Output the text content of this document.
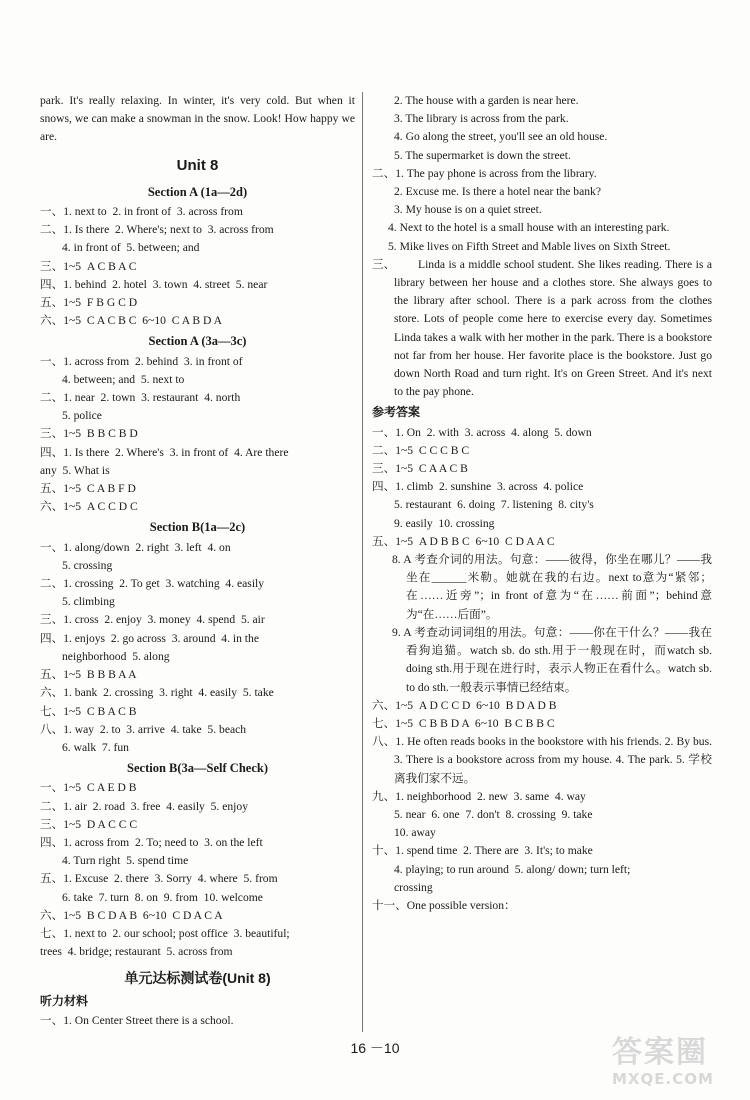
park. It's really relaxing. In winter, it's very cold. But when it snows, we can make a snowman in the snow. Look! How happy we are.

Unit 8
Section A (1a—2d)
一、1. next to  2. in front of  3. across from
二、1. Is there  2. Where's; next to  3. across from
4. in front of  5. between; and
三、1~5  A C B A C
四、1. behind  2. hotel  3. town  4. street  5. near
五、1~5  F B G C D
六、1~5  C A C B C  6~10  C A B D A
Section A (3a—3c)
一、1. across from  2. behind  3. in front of
4. between; and  5. next to
二、1. near  2. town  3. restaurant  4. north
5. police
三、1~5  B B C B D
四、1. Is there  2. Where's  3. in front of  4. Are there
any  5. What is
五、1~5  C A B F D
六、1~5  A C C D C
Section B(1a—2c)
一、1. along/down  2. right  3. left  4. on
5. crossing
二、1. crossing  2. To get  3. watching  4. easily
5. climbing
三、1. cross  2. enjoy  3. money  4. spend  5. air
四、1. enjoys  2. go across  3. around  4. in the
neighborhood  5. along
五、1~5  B B B A A
六、1. bank  2. crossing  3. right  4. easily  5. take
七、1~5  C B A C B
八、1. way  2. to  3. arrive  4. take  5. beach
6. walk  7. fun
Section B(3a—Self Check)
一、1~5  C A E D B
二、1. air  2. road  3. free  4. easily  5. enjoy
三、1~5  D A C C C
四、1. across from  2. To; need to  3. on the left
4. Turn right  5. spend time
五、1. Excuse  2. there  3. Sorry  4. where  5. from
6. take  7. turn  8. on  9. from  10. welcome
六、1~5  B C D A B  6~10  C D A C A
七、1. next to  2. our school; post office  3. beautiful;
trees  4. bridge; restaurant  5. across from
单元达标测试卷(Unit 8)
听力材料
一、1. On Center Street there is a school.
2. The house with a garden is near here.
3. The library is across from the park.
4. Go along the street, you'll see an old house.
5. The supermarket is down the street.
二、1. The pay phone is across from the library.
2. Excuse me. Is there a hotel near the bank?
3. My house is on a quiet street.
4. Next to the hotel is a small house with an interesting park.
5. Mike lives on Fifth Street and Mable lives on Sixth Street.
三、	Linda is a middle school student. She likes reading. There is a library between her house and a clothes store. She always goes to the library after school. There is a park across from the clothes store. Lots of people come here to exercise every day. Sometimes Linda takes a walk with her mother in the park. There is a bookstore not far from her house. Her favorite place is the bookstore. Just go down North Road and turn right. It's on Green Street. And it's next to the pay phone.

参考答案
一、1. On  2. with  3. across  4. along  5. down
二、1~5  C C C B C
三、1~5  C A A C B
四、1. climb  2. sunshine  3. across  4. police
5. restaurant  6. doing  7. listening  8. city's
9. easily  10. crossing
五、1~5  A D B B C  6~10  C D A A C
8. A 考查介词的用法。句意：——彼得，你坐在哪儿？——我坐在______米勒。她就在我的右边。next to意为“紧邻；在……近旁”；in front of意为“在……前面”；behind意为“在……后面”。
9. A 考查动词词组的用法。句意：——你在干什么？——我在看狗追猫。watch sb. do sth.用于一般现在时，而watch sb. doing sth.用于现在进行时，表示人物正在看什么。watch sb. to do sth.一般表示事情已经结束。
六、1~5  A D C C D  6~10  B D A D B
七、1~5  C B B D A  6~10  B C B B C
八、1. He often reads books in the bookstore with his friends. 2. By bus. 3. There is a bookstore across from my house. 4. The park. 5. 学校离我们家不远。
九、1. neighborhood  2. new  3. same  4. way
5. near  6. one  7. don't  8. crossing  9. take
10. away
十、1. spend time  2. There are  3. It's; to make
4. playing; to run around  5. along/ down; turn left;
crossing
十一、One possible version：
16 －10	答案圈
MXQE.COM
